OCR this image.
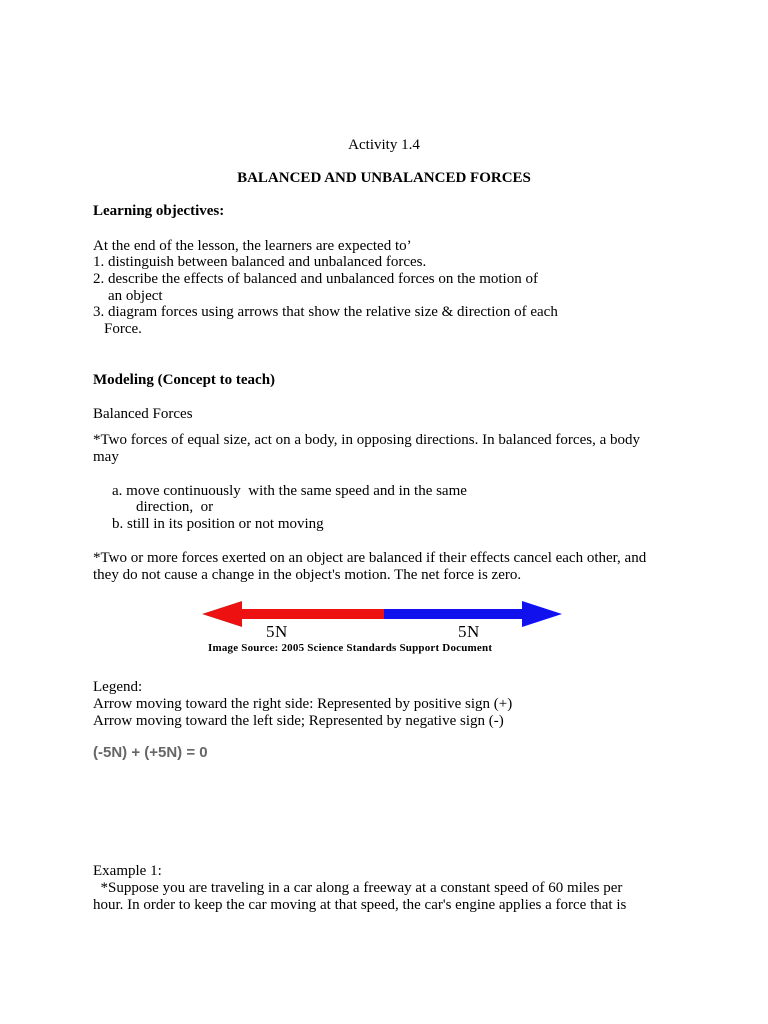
Activity 1.4
BALANCED AND UNBALANCED FORCES
Learning objectives:
At the end of the lesson, the learners are expected to’
1. distinguish between balanced and unbalanced forces.
2. describe the effects of balanced and unbalanced forces on the motion of
an object
3. diagram forces using arrows that show the relative size & direction of each
Force.
Modeling (Concept to teach)
Balanced Forces
*Two forces of equal size, act on a body, in opposing directions. In balanced forces, a body
may
a. move continuously  with the same speed and in the same
direction,  or
b. still in its position or not moving
*Two or more forces exerted on an object are balanced if their effects cancel each other, and
they do not cause a change in the object's motion. The net force is zero.
5N	5N
Image Source: 2005 Science Standards Support Document
Legend:
Arrow moving toward the right side: Represented by positive sign (+)
Arrow moving toward the left side; Represented by negative sign (-)
(-5N) + (+5N) = 0
Example 1:
*Suppose you are traveling in a car along a freeway at a constant speed of 60 miles per
hour. In order to keep the car moving at that speed, the car's engine applies a force that is
